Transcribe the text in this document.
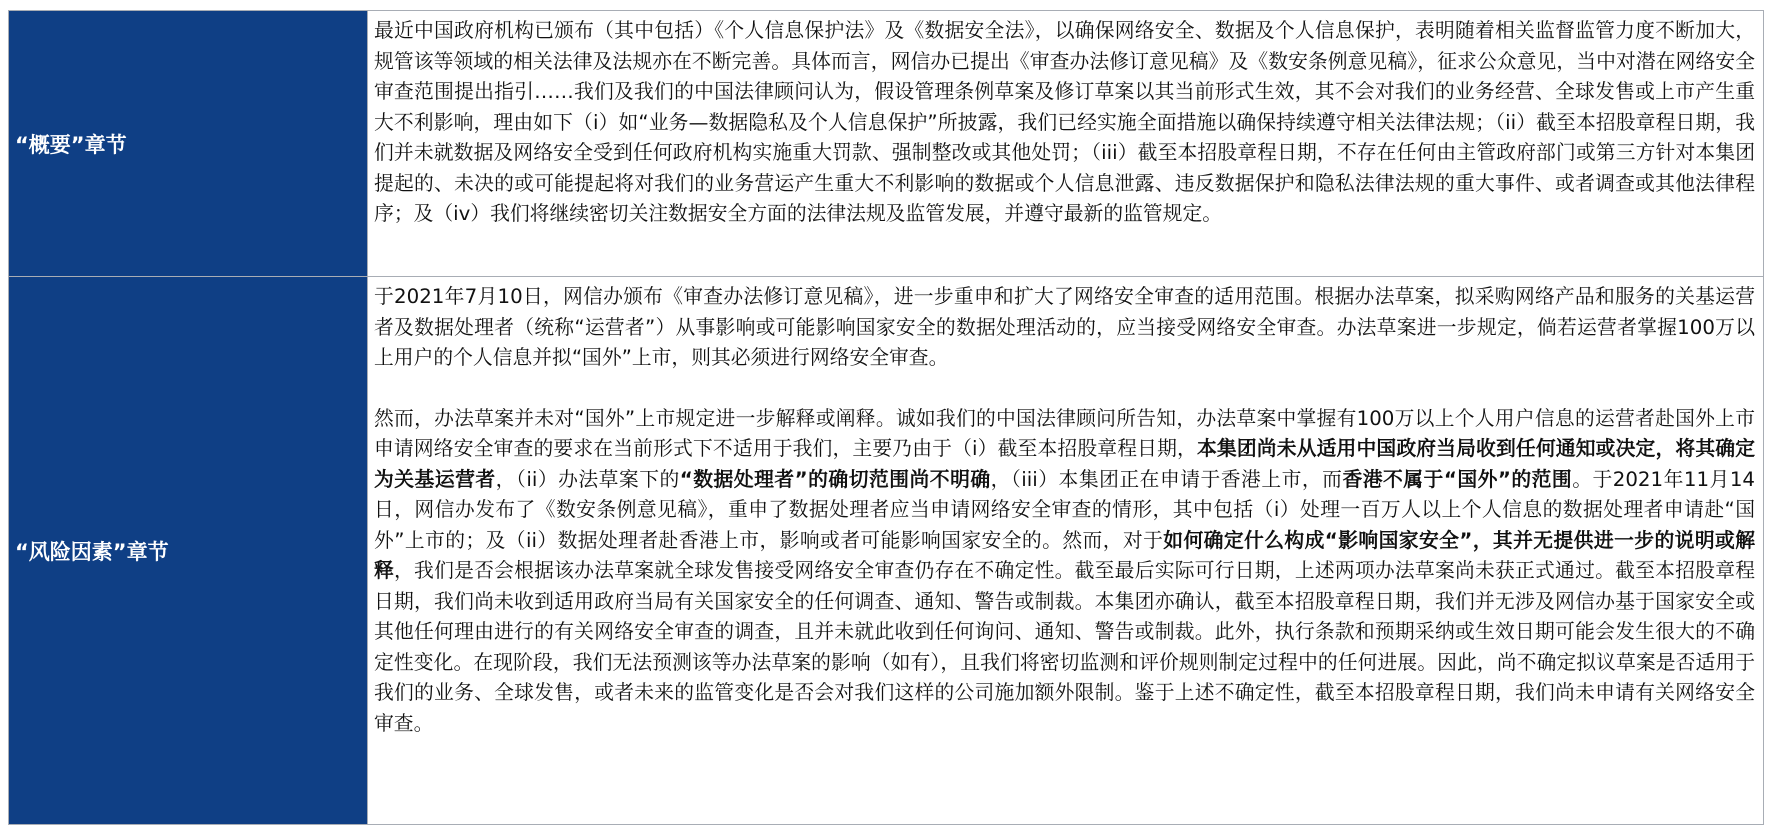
“概要”章节	最近中国政府机构已颁布（其中包括）《个人信息保护法》及《数据安全法》，以确保网络安全、数据及个人信息保护，表明随着相关监督监管力度不断加大，规管该等领域的相关法律及法规亦在不断完善。具体而言，网信办已提出《审查办法修订意见稿》及《数安条例意见稿》，征求公众意见，当中对潜在网络安全审查范围提出指引……我们及我们的中国法律顾问认为，假设管理条例草案及修订草案以其当前形式生效，其不会对我们的业务经营、全球发售或上市产生重大不利影响，理由如下（i）如“业务—数据隐私及个人信息保护”所披露，我们已经实施全面措施以确保持续遵守相关法律法规；（ii）截至本招股章程日期，我们并未就数据及网络安全受到任何政府机构实施重大罚款、强制整改或其他处罚；（iii）截至本招股章程日期，不存在任何由主管政府部门或第三方针对本集团提起的、未决的或可能提起将对我们的业务营运产生重大不利影响的数据或个人信息泄露、违反数据保护和隐私法律法规的重大事件、或者调查或其他法律程序；及（iv）我们将继续密切关注数据安全方面的法律法规及监管发展，并遵守最新的监管规定。

“风险因素”章节	于2021年7月10日，网信办颁布《审查办法修订意见稿》，进一步重申和扩大了网络安全审查的适用范围。根据办法草案，拟采购网络产品和服务的关基运营者及数据处理者（统称“运营者”）从事影响或可能影响国家安全的数据处理活动的，应当接受网络安全审查。办法草案进一步规定，倘若运营者掌握100万以上用户的个人信息并拟“国外”上市，则其必须进行网络安全审查。

然而，办法草案并未对“国外”上市规定进一步解释或阐释。诚如我们的中国法律顾问所告知，办法草案中掌握有100万以上个人用户信息的运营者赴国外上市申请网络安全审查的要求在当前形式下不适用于我们，主要乃由于（i）截至本招股章程日期，本集团尚未从适用中国政府当局收到任何通知或决定，将其确定为关基运营者，（ii）办法草案下的“数据处理者”的确切范围尚不明确，（iii）本集团正在申请于香港上市，而香港不属于“国外”的范围。于2021年11月14日，网信办发布了《数安条例意见稿》，重申了数据处理者应当申请网络安全审查的情形，其中包括（i）处理一百万人以上个人信息的数据处理者申请赴“国外”上市的；及（ii）数据处理者赴香港上市，影响或者可能影响国家安全的。然而，对于如何确定什么构成“影响国家安全”，其并无提供进一步的说明或解释，我们是否会根据该办法草案就全球发售接受网络安全审查仍存在不确定性。截至最后实际可行日期，上述两项办法草案尚未获正式通过。截至本招股章程日期，我们尚未收到适用政府当局有关国家安全的任何调查、通知、警告或制裁。本集团亦确认，截至本招股章程日期，我们并无涉及网信办基于国家安全或其他任何理由进行的有关网络安全审查的调查，且并未就此收到任何询问、通知、警告或制裁。此外，执行条款和预期采纳或生效日期可能会发生很大的不确定性变化。在现阶段，我们无法预测该等办法草案的影响（如有），且我们将密切监测和评价规则制定过程中的任何进展。因此，尚不确定拟议草案是否适用于我们的业务、全球发售，或者未来的监管变化是否会对我们这样的公司施加额外限制。鉴于上述不确定性，截至本招股章程日期，我们尚未申请有关网络安全审查。
